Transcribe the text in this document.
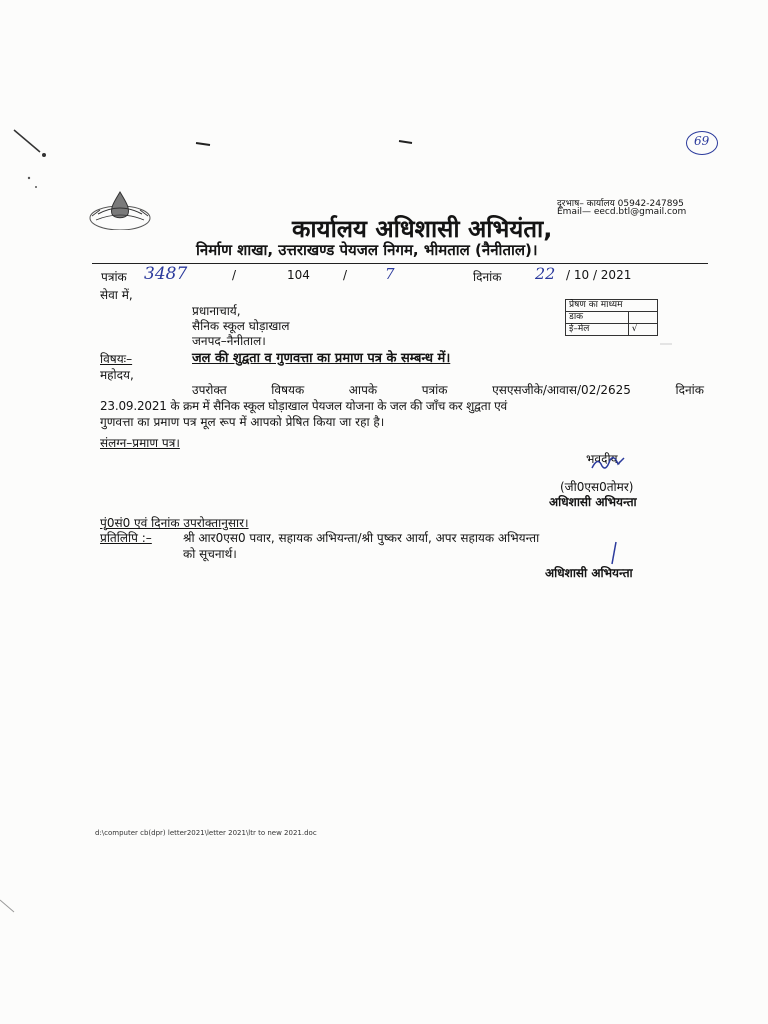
69
दूरभाष– कार्यालय 05942-247895
Email— eecd.btl@gmail.com
कार्यालय अधिशासी अभियंता,
निर्माण शाखा, उत्तराखण्ड पेयजल निगम, भीमताल (नैनीताल)।
पत्रांक 3487	/	104	/	7	दिनांक 22 / 10 / 2021
सेवा में,
प्रधानाचार्य,
सैनिक स्कूल घोड़ाखाल
जनपद–नैनीताल।
प्रेषण का माध्यम	
डाक	
ई–मेल	√
विषयः–	जल की शुद्वता व गुणवत्ता का प्रमाण पत्र के सम्बन्ध में।
महोदय,
उपरोक्त विषयक आपके पत्रांक एसएसजीके/आवास/02/2625 दिनांक
23.09.2021 के क्रम में सैनिक स्कूल घोड़ाखाल पेयजल योजना के जल की जाँच कर शुद्वता एवं
गुणवत्ता का प्रमाण पत्र मूल रूप में आपको प्रेषित किया जा रहा है।
संलग्न–प्रमाण पत्र।
भवदीय,
(जी0एस0तोमर)
अधिशासी अभियन्ता
पृं0सं0 एवं दिनांक उपरोक्तानुसार।
प्रतिलिपि :–	श्री आर0एस0 पवार, सहायक अभियन्ता/श्री पुष्कर आर्या, अपर सहायक अभियन्ता
को सूचनार्थ।
अधिशासी अभियन्ता
d:\computer cb(dpr) letter2021\letter 2021\ltr to new 2021.doc
